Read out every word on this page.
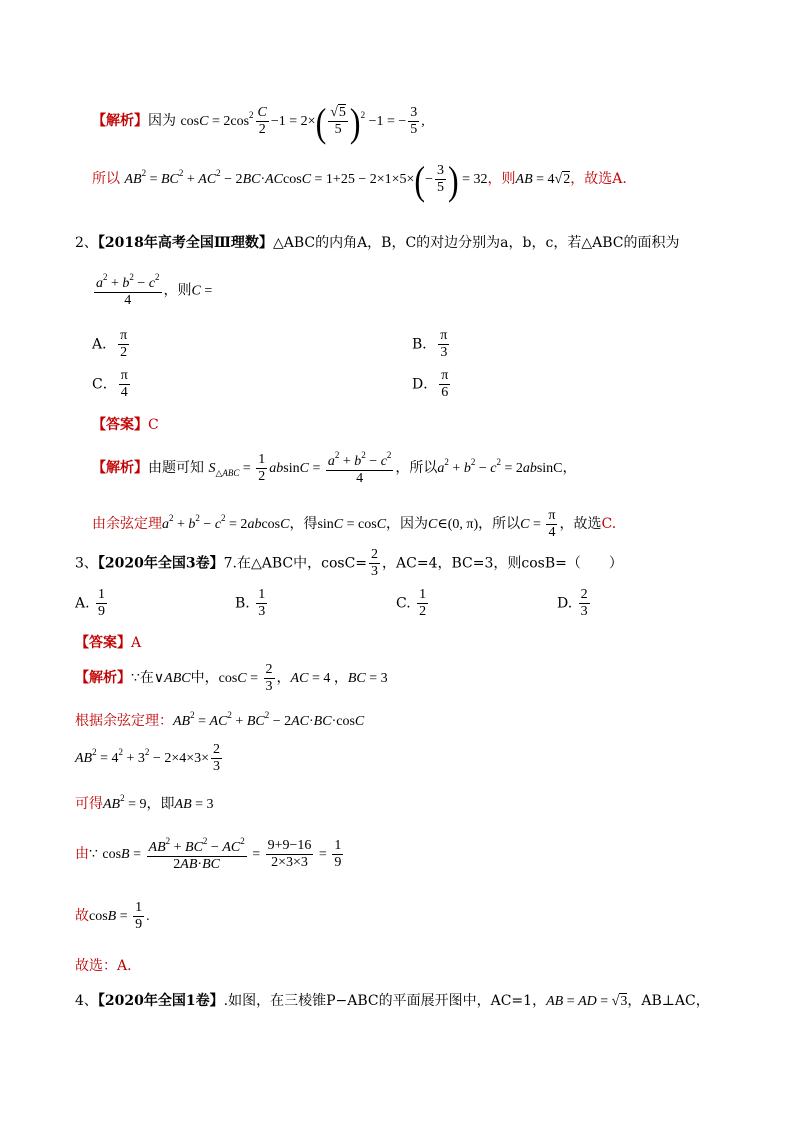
【解析】因为 $\cos C = 2\cos^2 \frac{C}{2} -1 = 2\times( \frac{√5}{5} )^2 -1$ = − $\frac{3}{5}$ ,
所以 $AB^2 = BC^2 + AC^2 - 2BC\cdot ACcosC = 1+25 - 2\times 1\times 5\times(- \frac{3}{5}$ ) = 32，则AB = 4√2，故选A.
2、【2018年高考全国Ⅲ理数】△ABC的内角A，B，C的对边分别为a，b，c，若△ABC的面积为
$\frac{a^2 + b^2 - c^2}{4}$ ，则C =
A． $\frac{\pi}{2}$	B． $\frac{\pi}{3}$
C． $\frac{\pi}{4}$	D． $\frac{\pi}{6}$
【答案】C
【解析】由题可知 $S_{\triangle ABC} = \frac{1}{2}$ $absinC = \frac{a^2 + b^2 - c^2}{4}$ ，所以$a^2 + b^2 - c^2 = 2absinC$，
由余弦定理$a^2 + b^2 - c^2 = 2abcosC$，得sinC = cosC，因为C∈(0, π)，所以$C = \frac{\pi}{4}$ ，故选C.
3、【2020年全国3卷】7.在△ABC中，$\cos C= \frac{2}{3}$ ，AC=4，BC=3，则cosB=（　　）
A. $\frac{1}{9}$	B. $\frac{1}{3}$	C. $\frac{1}{2}$	D. $\frac{2}{3}$
【答案】A
【解析】∵在∨ABC中，$\cos C = \frac{2}{3}$ ，AC = 4 ，BC = 3
根据余弦定理：$AB^2 = AC^2 + BC^2 - 2AC\cdot BC\cdot\cos C$
$AB^2 = 4^2 + 3^2 - 2\times 4\times 3\times \frac{2}{3}$
可得$AB^2 = 9$，即AB = 3
由∵ $\cos B = \frac{AB^2 + BC^2 - AC^2}{2AB\cdot BC} = \frac{9+9-16}{2\times 3\times 3} = \frac{1}{9}$
故$\cos B = \frac{1}{9}$ .
故选：A.
4、【2020年全国1卷】.如图，在三棱锥P−ABC的平面展开图中，AC=1，AB = AD = √3，AB⊥AC，
